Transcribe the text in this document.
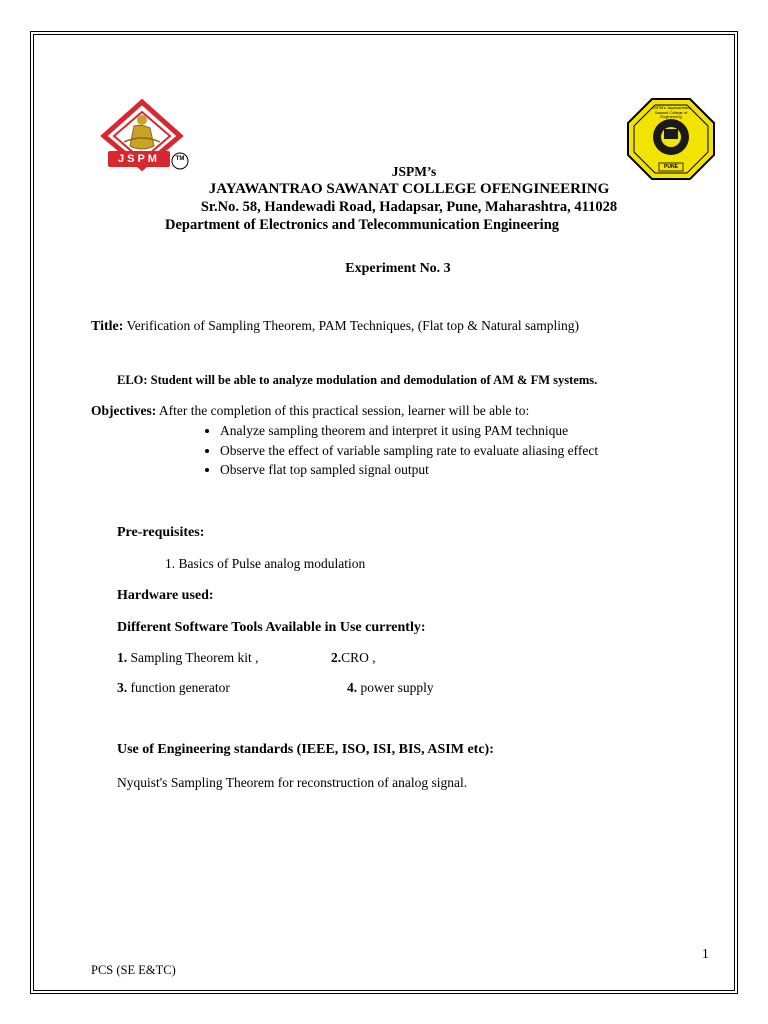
JSPM	TM
JSPM's Jayawantrao Sawant College of Engineering
PUNE
JSPM’s
JAYAWANTRAO SAWANAT COLLEGE OFENGINEERING
Sr.No. 58, Handewadi Road, Hadapsar, Pune, Maharashtra, 411028
Department of Electronics and Telecommunication Engineering
Experiment No. 3
Title: Verification of Sampling Theorem, PAM Techniques, (Flat top & Natural sampling)
ELO: Student will be able to analyze modulation and demodulation of AM & FM systems.
Objectives: After the completion of this practical session, learner will be able to:
• Analyze sampling theorem and interpret it using PAM technique
• Observe the effect of variable sampling rate to evaluate aliasing effect
• Observe flat top sampled signal output
Pre-requisites:
1. Basics of Pulse analog modulation
Hardware used:
Different Software Tools Available in Use currently:
1. Sampling Theorem kit ,	2.CRO ,
3. function generator	4. power supply
Use of Engineering standards (IEEE, ISO, ISI, BIS, ASIM etc):
Nyquist's Sampling Theorem for reconstruction of analog signal.
1
PCS (SE E&TC)
